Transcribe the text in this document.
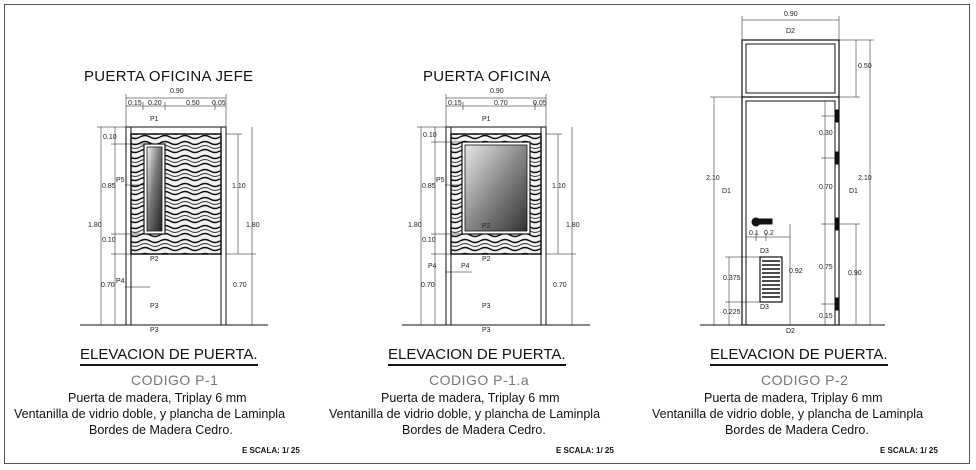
PUERTA OFICINA JEFE
0.90
0.15 0.20	0.50 0.05
P1
0.10
0.85
P5
1.80
0.10
P2
P4
0.70
P3
P3
1.10
1.80
0.70
ELEVACION DE PUERTA.
CODIGO P-1
Puerta de madera, Triplay 6 mm
Ventanilla de vidrio doble, y plancha de Laminpla
Bordes de Madera Cedro.
E SCALA: 1/ 25
PUERTA OFICINA
0.90
0.15	0.70	0.05
P1
0.10
0.85
P5
1.80
0.10
P2
P2
P4	P4
0.70
P3
P3
1.10
1.80
0.70
ELEVACION DE PUERTA.
CODIGO P-1.a
Puerta de madera, Triplay 6 mm
Ventanilla de vidrio doble, y plancha de Laminpla
Bordes de Madera Cedro.
E SCALA: 1/ 25
0.90
D2
0.50
2.10	2.10
0.30
0.70
0.75
0.15
0.90
D1	D1
0.1 0.2
D3
0.92
0.375
D3
0.225
D2
ELEVACION DE PUERTA.
CODIGO P-2
Puerta de madera, Triplay 6 mm
Ventanilla de vidrio doble, y plancha de Laminpla
Bordes de Madera Cedro.
E SCALA: 1/ 25
